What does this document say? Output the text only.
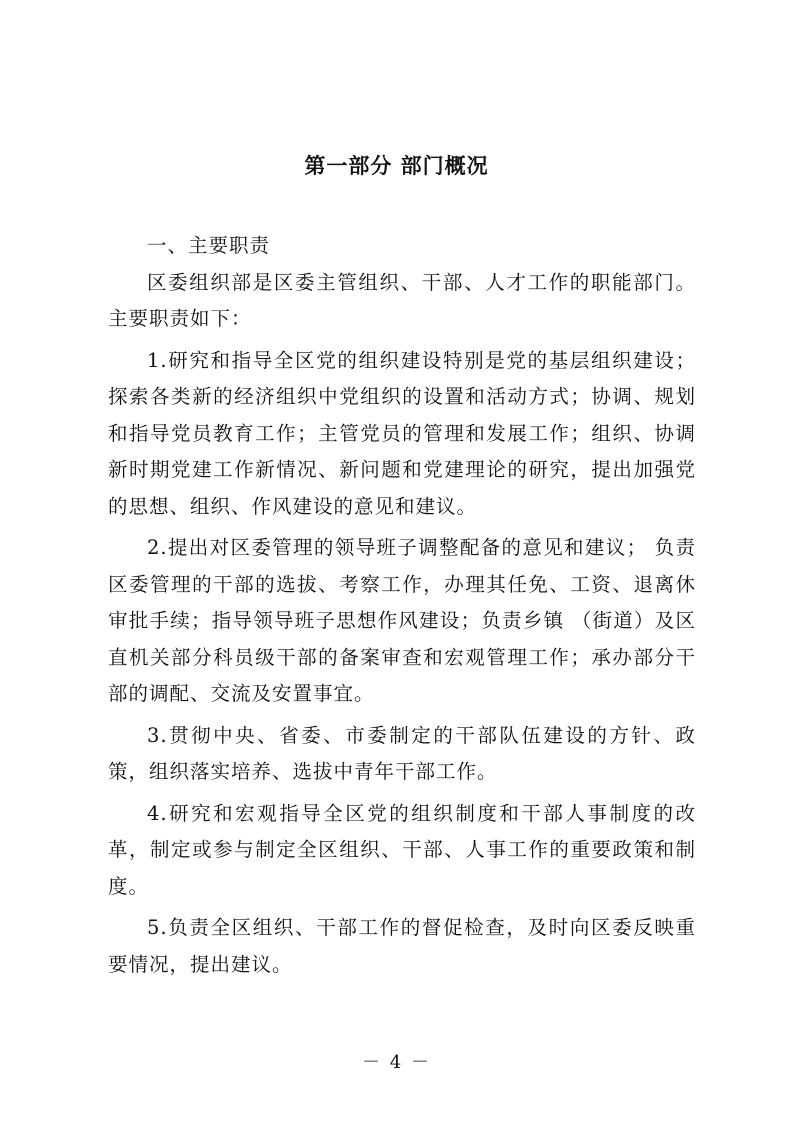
第一部分 部门概况

一、主要职责

区委组织部是区委主管组织、干部、人才工作的职能部门。主要职责如下：

1.研究和指导全区党的组织建设特别是党的基层组织建设；探索各类新的经济组织中党组织的设置和活动方式；协调、规划和指导党员教育工作；主管党员的管理和发展工作；组织、协调新时期党建工作新情况、新问题和党建理论的研究，提出加强党的思想、组织、作风建设的意见和建议。

2.提出对区委管理的领导班子调整配备的意见和建议； 负责区委管理的干部的选拔、考察工作，办理其任免、工资、退离休审批手续；指导领导班子思想作风建设；负责乡镇 （街道）及区直机关部分科员级干部的备案审查和宏观管理工作；承办部分干部的调配、交流及安置事宜。

3.贯彻中央、省委、市委制定的干部队伍建设的方针、政策，组织落实培养、选拔中青年干部工作。

4.研究和宏观指导全区党的组织制度和干部人事制度的改革，制定或参与制定全区组织、干部、人事工作的重要政策和制度。

5.负责全区组织、干部工作的督促检查，及时向区委反映重要情况，提出建议。

－ 4 －
